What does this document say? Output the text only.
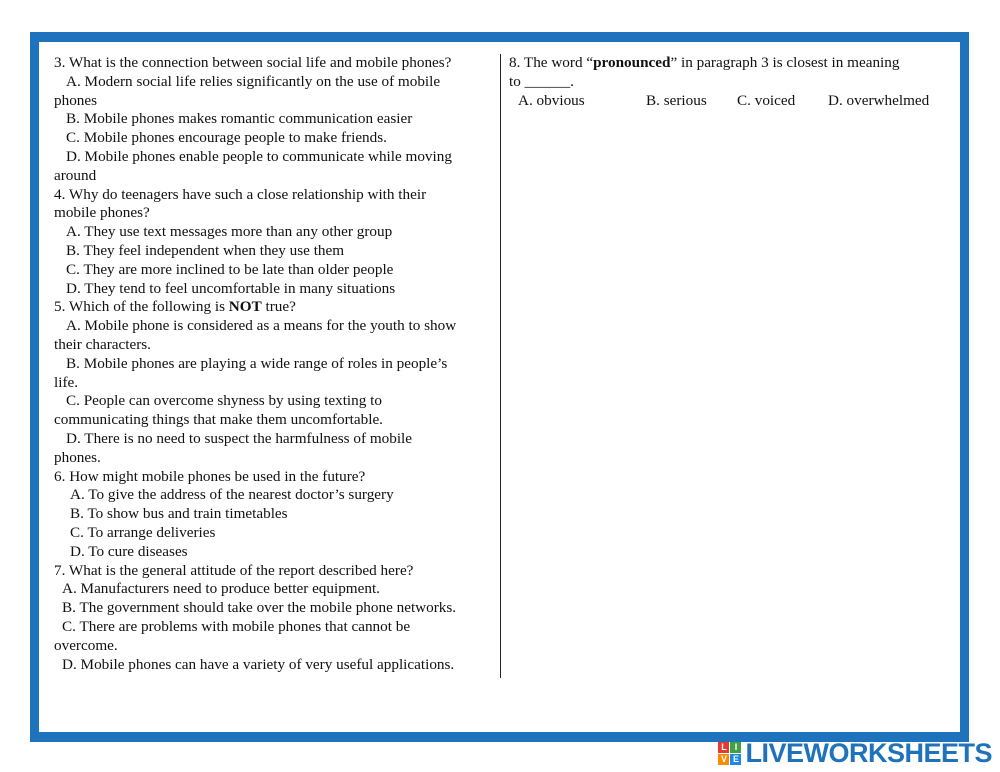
3. What is the connection between social life and mobile phones?
A. Modern social life relies significantly on the use of mobile
phones
B. Mobile phones makes romantic communication easier
C. Mobile phones encourage people to make friends.
D. Mobile phones enable people to communicate while moving
around
4. Why do teenagers have such a close relationship with their
mobile phones?
A. They use text messages more than any other group
B. They feel independent when they use them
C. They are more inclined to be late than older people
D. They tend to feel uncomfortable in many situations
5. Which of the following is NOT true?
A. Mobile phone is considered as a means for the youth to show
their characters.
B. Mobile phones are playing a wide range of roles in people’s
life.
C. People can overcome shyness by using texting to
communicating things that make them uncomfortable.
D. There is no need to suspect the harmfulness of mobile
phones.
6. How might mobile phones be used in the future?
A. To give the address of the nearest doctor’s surgery
B. To show bus and train timetables
C. To arrange deliveries
D. To cure diseases
7. What is the general attitude of the report described here?
A. Manufacturers need to produce better equipment.
B. The government should take over the mobile phone networks.
C. There are problems with mobile phones that cannot be
overcome.
D. Mobile phones can have a variety of very useful applications.
8. The word “pronounced” in paragraph 3 is closest in meaning
to ______.
A. obvious	B. serious	C. voiced	D. overwhelmed
L I
V E LIVEWORKSHEETS
